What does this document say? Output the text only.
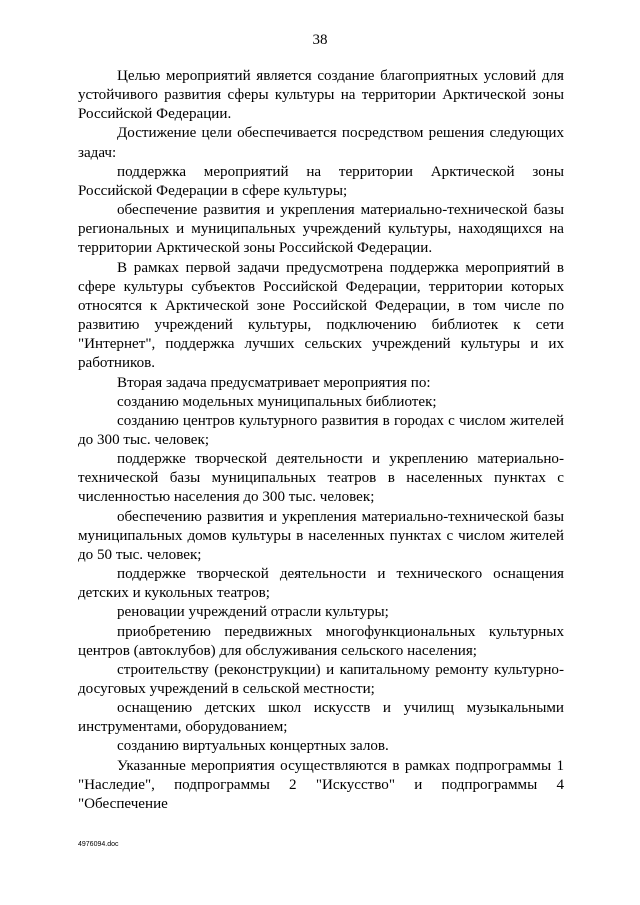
38

Целью мероприятий является создание благоприятных условий для устойчивого развития сферы культуры на территории Арктической зоны Российской Федерации.

Достижение цели обеспечивается посредством решения следующих задач:

поддержка мероприятий на территории Арктической зоны Российской Федерации в сфере культуры;

обеспечение развития и укрепления материально-технической базы региональных и муниципальных учреждений культуры, находящихся на территории Арктической зоны Российской Федерации.

В рамках первой задачи предусмотрена поддержка мероприятий в сфере культуры субъектов Российской Федерации, территории которых относятся к Арктической зоне Российской Федерации, в том числе по развитию учреждений культуры, подключению библиотек к сети "Интернет", поддержка лучших сельских учреждений культуры и их работников.

Вторая задача предусматривает мероприятия по:

созданию модельных муниципальных библиотек;

созданию центров культурного развития в городах с числом жителей до 300 тыс. человек;

поддержке творческой деятельности и укреплению материально-технической базы муниципальных театров в населенных пунктах с численностью населения до 300 тыс. человек;

обеспечению развития и укрепления материально-технической базы муниципальных домов культуры в населенных пунктах с числом жителей до 50 тыс. человек;

поддержке творческой деятельности и технического оснащения детских и кукольных театров;

реновации учреждений отрасли культуры;

приобретению передвижных многофункциональных культурных центров (автоклубов) для обслуживания сельского населения;

строительству (реконструкции) и капитальному ремонту культурно-досуговых учреждений в сельской местности;

оснащению детских школ искусств и училищ музыкальными инструментами, оборудованием;

созданию виртуальных концертных залов.

Указанные мероприятия осуществляются в рамках подпрограммы 1 "Наследие", подпрограммы 2 "Искусство" и подпрограммы 4 "Обеспечение

4976094.doc
